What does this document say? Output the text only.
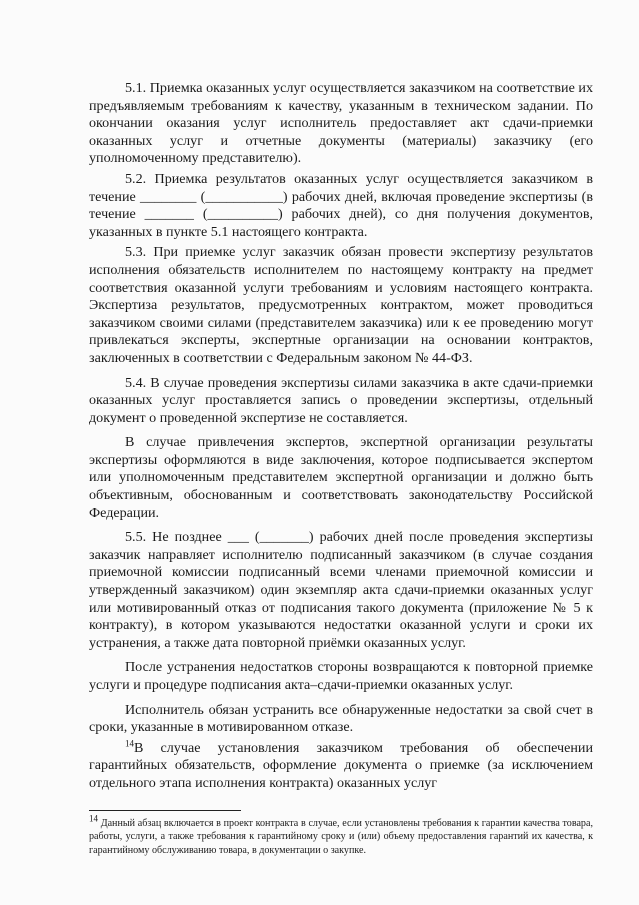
5.1. Приемка оказанных услуг осуществляется заказчиком на соответствие их предъявляемым требованиям к качеству, указанным в техническом задании. По окончании оказания услуг исполнитель предоставляет акт сдачи-приемки оказанных услуг и отчетные документы (материалы) заказчику (его уполномоченному представителю).

5.2. Приемка результатов оказанных услуг осуществляется заказчиком в течение ________ (___________) рабочих дней, включая проведение экспертизы (в течение _______ (__________) рабочих дней), со дня получения документов, указанных в пункте 5.1 настоящего контракта.

5.3. При приемке услуг заказчик обязан провести экспертизу результатов исполнения обязательств исполнителем по настоящему контракту на предмет соответствия оказанной услуги требованиям и условиям настоящего контракта. Экспертиза результатов, предусмотренных контрактом, может проводиться заказчиком своими силами (представителем заказчика) или к ее проведению могут привлекаться эксперты, экспертные организации на основании контрактов, заключенных в соответствии с Федеральным законом № 44-ФЗ.

5.4. В случае проведения экспертизы силами заказчика в акте сдачи-приемки оказанных услуг проставляется запись о проведении экспертизы, отдельный документ о проведенной экспертизе не составляется.

В случае привлечения экспертов, экспертной организации результаты экспертизы оформляются в виде заключения, которое подписывается экспертом или уполномоченным представителем экспертной организации и должно быть объективным, обоснованным и соответствовать законодательству Российской Федерации.

5.5. Не позднее ___ (_______) рабочих дней после проведения экспертизы заказчик направляет исполнителю подписанный заказчиком (в случае создания приемочной комиссии подписанный всеми членами приемочной комиссии и утвержденный заказчиком) один экземпляр акта сдачи-приемки оказанных услуг или мотивированный отказ от подписания такого документа (приложение № 5 к контракту), в котором указываются недостатки оказанной услуги и сроки их устранения, а также дата повторной приёмки оказанных услуг.

После устранения недостатков стороны возвращаются к повторной приемке услуги и процедуре подписания акта–сдачи-приемки оказанных услуг.

Исполнитель обязан устранить все обнаруженные недостатки за свой счет в сроки, указанные в мотивированном отказе.

$^{14}$В случае установления заказчиком требования об обеспечении гарантийных обязательств, оформление документа о приемке (за исключением отдельного этапа исполнения контракта) оказанных услуг

$^{14}$ Данный абзац включается в проект контракта в случае, если установлены требования к гарантии качества товара, работы, услуги, а также требования к гарантийному сроку и (или) объему предоставления гарантий их качества, к гарантийному обслуживанию товара, в документации о закупке.
